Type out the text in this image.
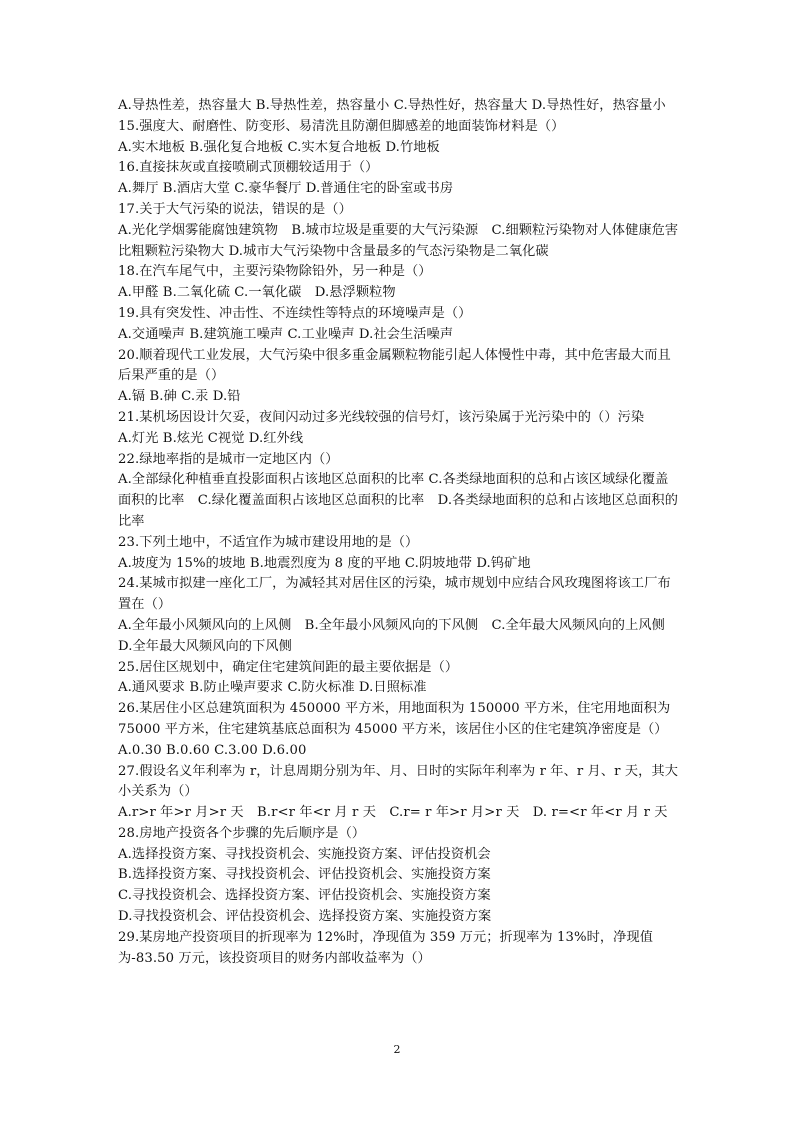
A.导热性差，热容量大 B.导热性差，热容量小 C.导热性好，热容量大 D.导热性好，热容量小
15.强度大、耐磨性、防变形、易清洗且防潮但脚感差的地面装饰材料是（）
A.实木地板 B.强化复合地板 C.实木复合地板 D.竹地板
16.直接抹灰或直接喷刷式顶棚较适用于（）
A.舞厅 B.酒店大堂 C.豪华餐厅 D.普通住宅的卧室或书房
17.关于大气污染的说法，错误的是（）
A.光化学烟雾能腐蚀建筑物　B.城市垃圾是重要的大气污染源　C.细颗粒污染物对人体健康危害比粗颗粒污染物大 D.城市大气污染物中含量最多的气态污染物是二氧化碳
18.在汽车尾气中，主要污染物除铅外，另一种是（）
A.甲醛 B.二氧化硫 C.一氧化碳　D.悬浮颗粒物
19.具有突发性、冲击性、不连续性等特点的环境噪声是（）
A.交通噪声 B.建筑施工噪声 C.工业噪声 D.社会生活噪声
20.顺着现代工业发展，大气污染中很多重金属颗粒物能引起人体慢性中毒，其中危害最大而且后果严重的是（）
A.镉 B.砷 C.汞 D.铅
21.某机场因设计欠妥，夜间闪动过多光线较强的信号灯，该污染属于光污染中的（）污染
A.灯光 B.炫光 C视觉 D.红外线
22.绿地率指的是城市一定地区内（）
A.全部绿化种植垂直投影面积占该地区总面积的比率 C.各类绿地面积的总和占该区域绿化覆盖面积的比率　C.绿化覆盖面积占该地区总面积的比率　D.各类绿地面积的总和占该地区总面积的比率
23.下列土地中，不适宜作为城市建设用地的是（）
A.坡度为 15%的坡地 B.地震烈度为 8 度的平地 C.阴坡地带 D.钨矿地
24.某城市拟建一座化工厂，为减轻其对居住区的污染，城市规划中应结合风玫瑰图将该工厂布置在（）
A.全年最小风频风向的上风侧　B.全年最小风频风向的下风侧　C.全年最大风频风向的上风侧 D.全年最大风频风向的下风侧
25.居住区规划中，确定住宅建筑间距的最主要依据是（）
A.通风要求 B.防止噪声要求 C.防火标准 D.日照标准
26.某居住小区总建筑面积为 450000 平方米，用地面积为 150000 平方米，住宅用地面积为75000 平方米，住宅建筑基底总面积为 45000 平方米，该居住小区的住宅建筑净密度是（）
A.0.30 B.0.60 C.3.00 D.6.00
27.假设名义年利率为 r，计息周期分别为年、月、日时的实际年利率为 r 年、r 月、r 天，其大小关系为（）
A.r>r 年>r 月>r 天　B.r<r 年<r 月 r 天　C.r= r 年>r 月>r 天　D. r=<r 年<r 月 r 天
28.房地产投资各个步骤的先后顺序是（）
A.选择投资方案、寻找投资机会、实施投资方案、评估投资机会
B.选择投资方案、寻找投资机会、评估投资机会、实施投资方案
C.寻找投资机会、选择投资方案、评估投资机会、实施投资方案
D.寻找投资机会、评估投资机会、选择投资方案、实施投资方案
29.某房地产投资项目的折现率为 12%时，净现值为 359 万元；折现率为 13%时，净现值为-83.50 万元，该投资项目的财务内部收益率为（）
2
